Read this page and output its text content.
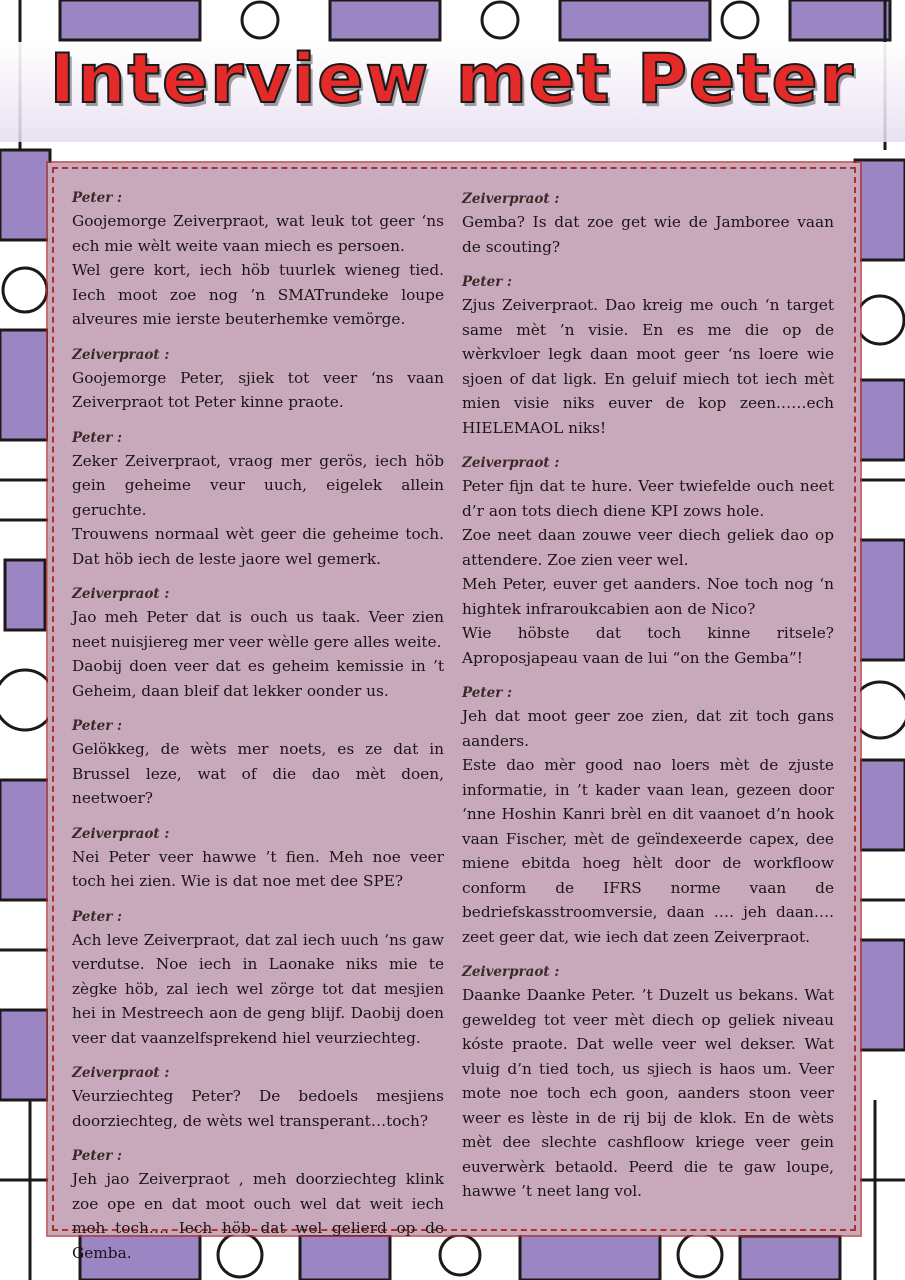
Interview met Peter

Peter :

Goojemorge Zeiverpraot, wat leuk tot geer ‘ns ech mie wèlt weite vaan miech es persoen.

Wel gere kort, iech höb tuurlek wieneg tied. Iech moot zoe nog ’n SMATrundeke loupe alveures mie ierste beuterhemke vemörge.

Zeiverpraot :

Goojemorge Peter, sjiek tot veer ‘ns vaan Zeiverpraot tot Peter kinne praote.

Peter :

Zeker Zeiverpraot, vraog mer gerös, iech höb gein geheime veur uuch, eigelek allein geruchte.

Trouwens normaal wèt geer die geheime toch. Dat höb iech de leste jaore wel gemerk.

Zeiverpraot :

Jao meh Peter dat is ouch us taak. Veer zien neet nuisjiereg mer veer wèlle gere alles weite.

Daobij doen veer dat es geheim kemissie in ’t Geheim, daan bleif dat lekker oonder us.

Peter :

Gelökkeg, de wèts mer noets, es ze dat in Brussel leze, wat of die dao mèt doen, neetwoer?

Zeiverpraot :

Nei Peter veer hawwe ’t fien. Meh noe veer toch hei zien. Wie is dat noe met dee SPE?

Peter :

Ach leve Zeiverpraot, dat zal iech uuch ‘ns gaw verdutse. Noe iech in Laonake niks mie te zègke höb, zal iech wel zörge tot dat mesjien hei in Mestreech aon de geng blijf. Daobij doen veer dat vaanzelfsprekend hiel veurziechteg.

Zeiverpraot :

Veurziechteg Peter? De bedoels mesjiens doorziechteg, de wèts wel transperant…toch?

Peter :

Jeh jao Zeiverpraot , meh doorziechteg klink zoe ope en dat moot ouch wel dat weit iech meh toch…. Iech höb dat wel gelierd op de Gemba.

Zeiverpraot :

Gemba? Is dat zoe get wie de Jamboree vaan de scouting?

Peter :

Zjus Zeiverpraot. Dao kreig me ouch ‘n target same mèt ’n visie. En es me die op de wèrkvloer legk daan moot geer ‘ns loere wie sjoen of dat ligk. En geluif miech tot iech mèt mien visie niks euver de kop zeen……ech HIELEMAOL niks!

Zeiverpraot :

Peter fijn dat te hure. Veer twiefelde ouch neet d’r aon tots diech diene KPI zows hole.

Zoe neet daan zouwe veer diech geliek dao op attendere. Zoe zien veer wel.

Meh Peter, euver get aanders. Noe toch nog ‘n hightek infraroukcabien aon de Nico?

Wie höbste dat toch kinne ritsele? Aproposjapeau vaan de lui “on the Gemba”!

Peter :

Jeh dat moot geer zoe zien, dat zit toch gans aanders.

Este dao mèr good nao loers mèt de zjuste informatie, in ’t kader vaan lean, gezeen door ‘nne Hoshin Kanri brèl en dit vaanoet d’n hook vaan Fischer, mèt de geïndexeerde capex, dee miene ebitda hoeg hèlt door de workfloow conform de IFRS norme vaan de bedriefskasstroomversie, daan …. jeh daan…. zeet geer dat, wie iech dat zeen Zeiverpraot.

Zeiverpraot :

Daanke Daanke Peter. ’t Duzelt us bekans. Wat geweldeg tot veer mèt diech op geliek niveau kóste praote. Dat welle veer wel dekser. Wat vluig d’n tied toch, us sjiech is haos um. Veer mote noe toch ech goon, aanders stoon veer weer es lèste in de rij bij de klok. En de wèts mèt dee slechte cashfloow kriege veer gein euverwèrk betaold. Peerd die te gaw loupe, hawwe ’t neet lang vol.
